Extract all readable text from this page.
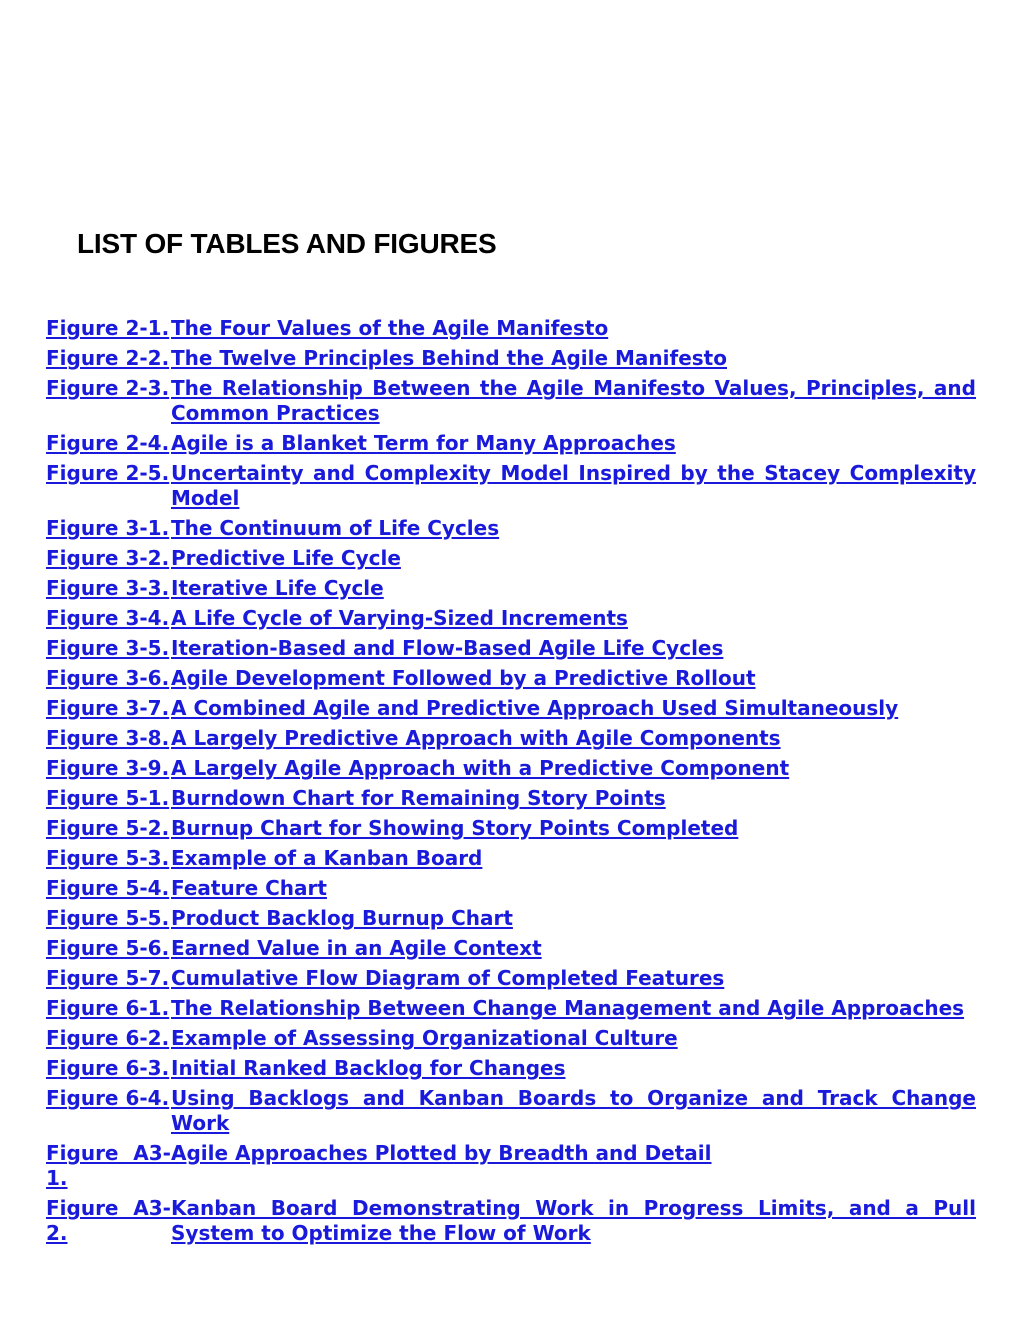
LIST OF TABLES AND FIGURES
Figure 2-1.	The Four Values of the Agile Manifesto
Figure 2-2.	The Twelve Principles Behind the Agile Manifesto
Figure 2-3.	The Relationship Between the Agile Manifesto Values, Principles, and Common Practices
Figure 2-4.	Agile is a Blanket Term for Many Approaches
Figure 2-5.	Uncertainty and Complexity Model Inspired by the Stacey Complexity Model
Figure 3-1.	The Continuum of Life Cycles
Figure 3-2.	Predictive Life Cycle
Figure 3-3.	Iterative Life Cycle
Figure 3-4.	A Life Cycle of Varying-Sized Increments
Figure 3-5.	Iteration-Based and Flow-Based Agile Life Cycles
Figure 3-6.	Agile Development Followed by a Predictive Rollout
Figure 3-7.	A Combined Agile and Predictive Approach Used Simultaneously
Figure 3-8.	A Largely Predictive Approach with Agile Components
Figure 3-9.	A Largely Agile Approach with a Predictive Component
Figure 5-1.	Burndown Chart for Remaining Story Points
Figure 5-2.	Burnup Chart for Showing Story Points Completed
Figure 5-3.	Example of a Kanban Board
Figure 5-4.	Feature Chart
Figure 5-5.	Product Backlog Burnup Chart
Figure 5-6.	Earned Value in an Agile Context
Figure 5-7.	Cumulative Flow Diagram of Completed Features
Figure 6-1.	The Relationship Between Change Management and Agile Approaches
Figure 6-2.	Example of Assessing Organizational Culture
Figure 6-3.	Initial Ranked Backlog for Changes
Figure 6-4.	Using Backlogs and Kanban Boards to Organize and Track Change Work
Figure A3-1.	Agile Approaches Plotted by Breadth and Detail
Figure A3-2.	Kanban Board Demonstrating Work in Progress Limits, and a Pull System to Optimize the Flow of Work
